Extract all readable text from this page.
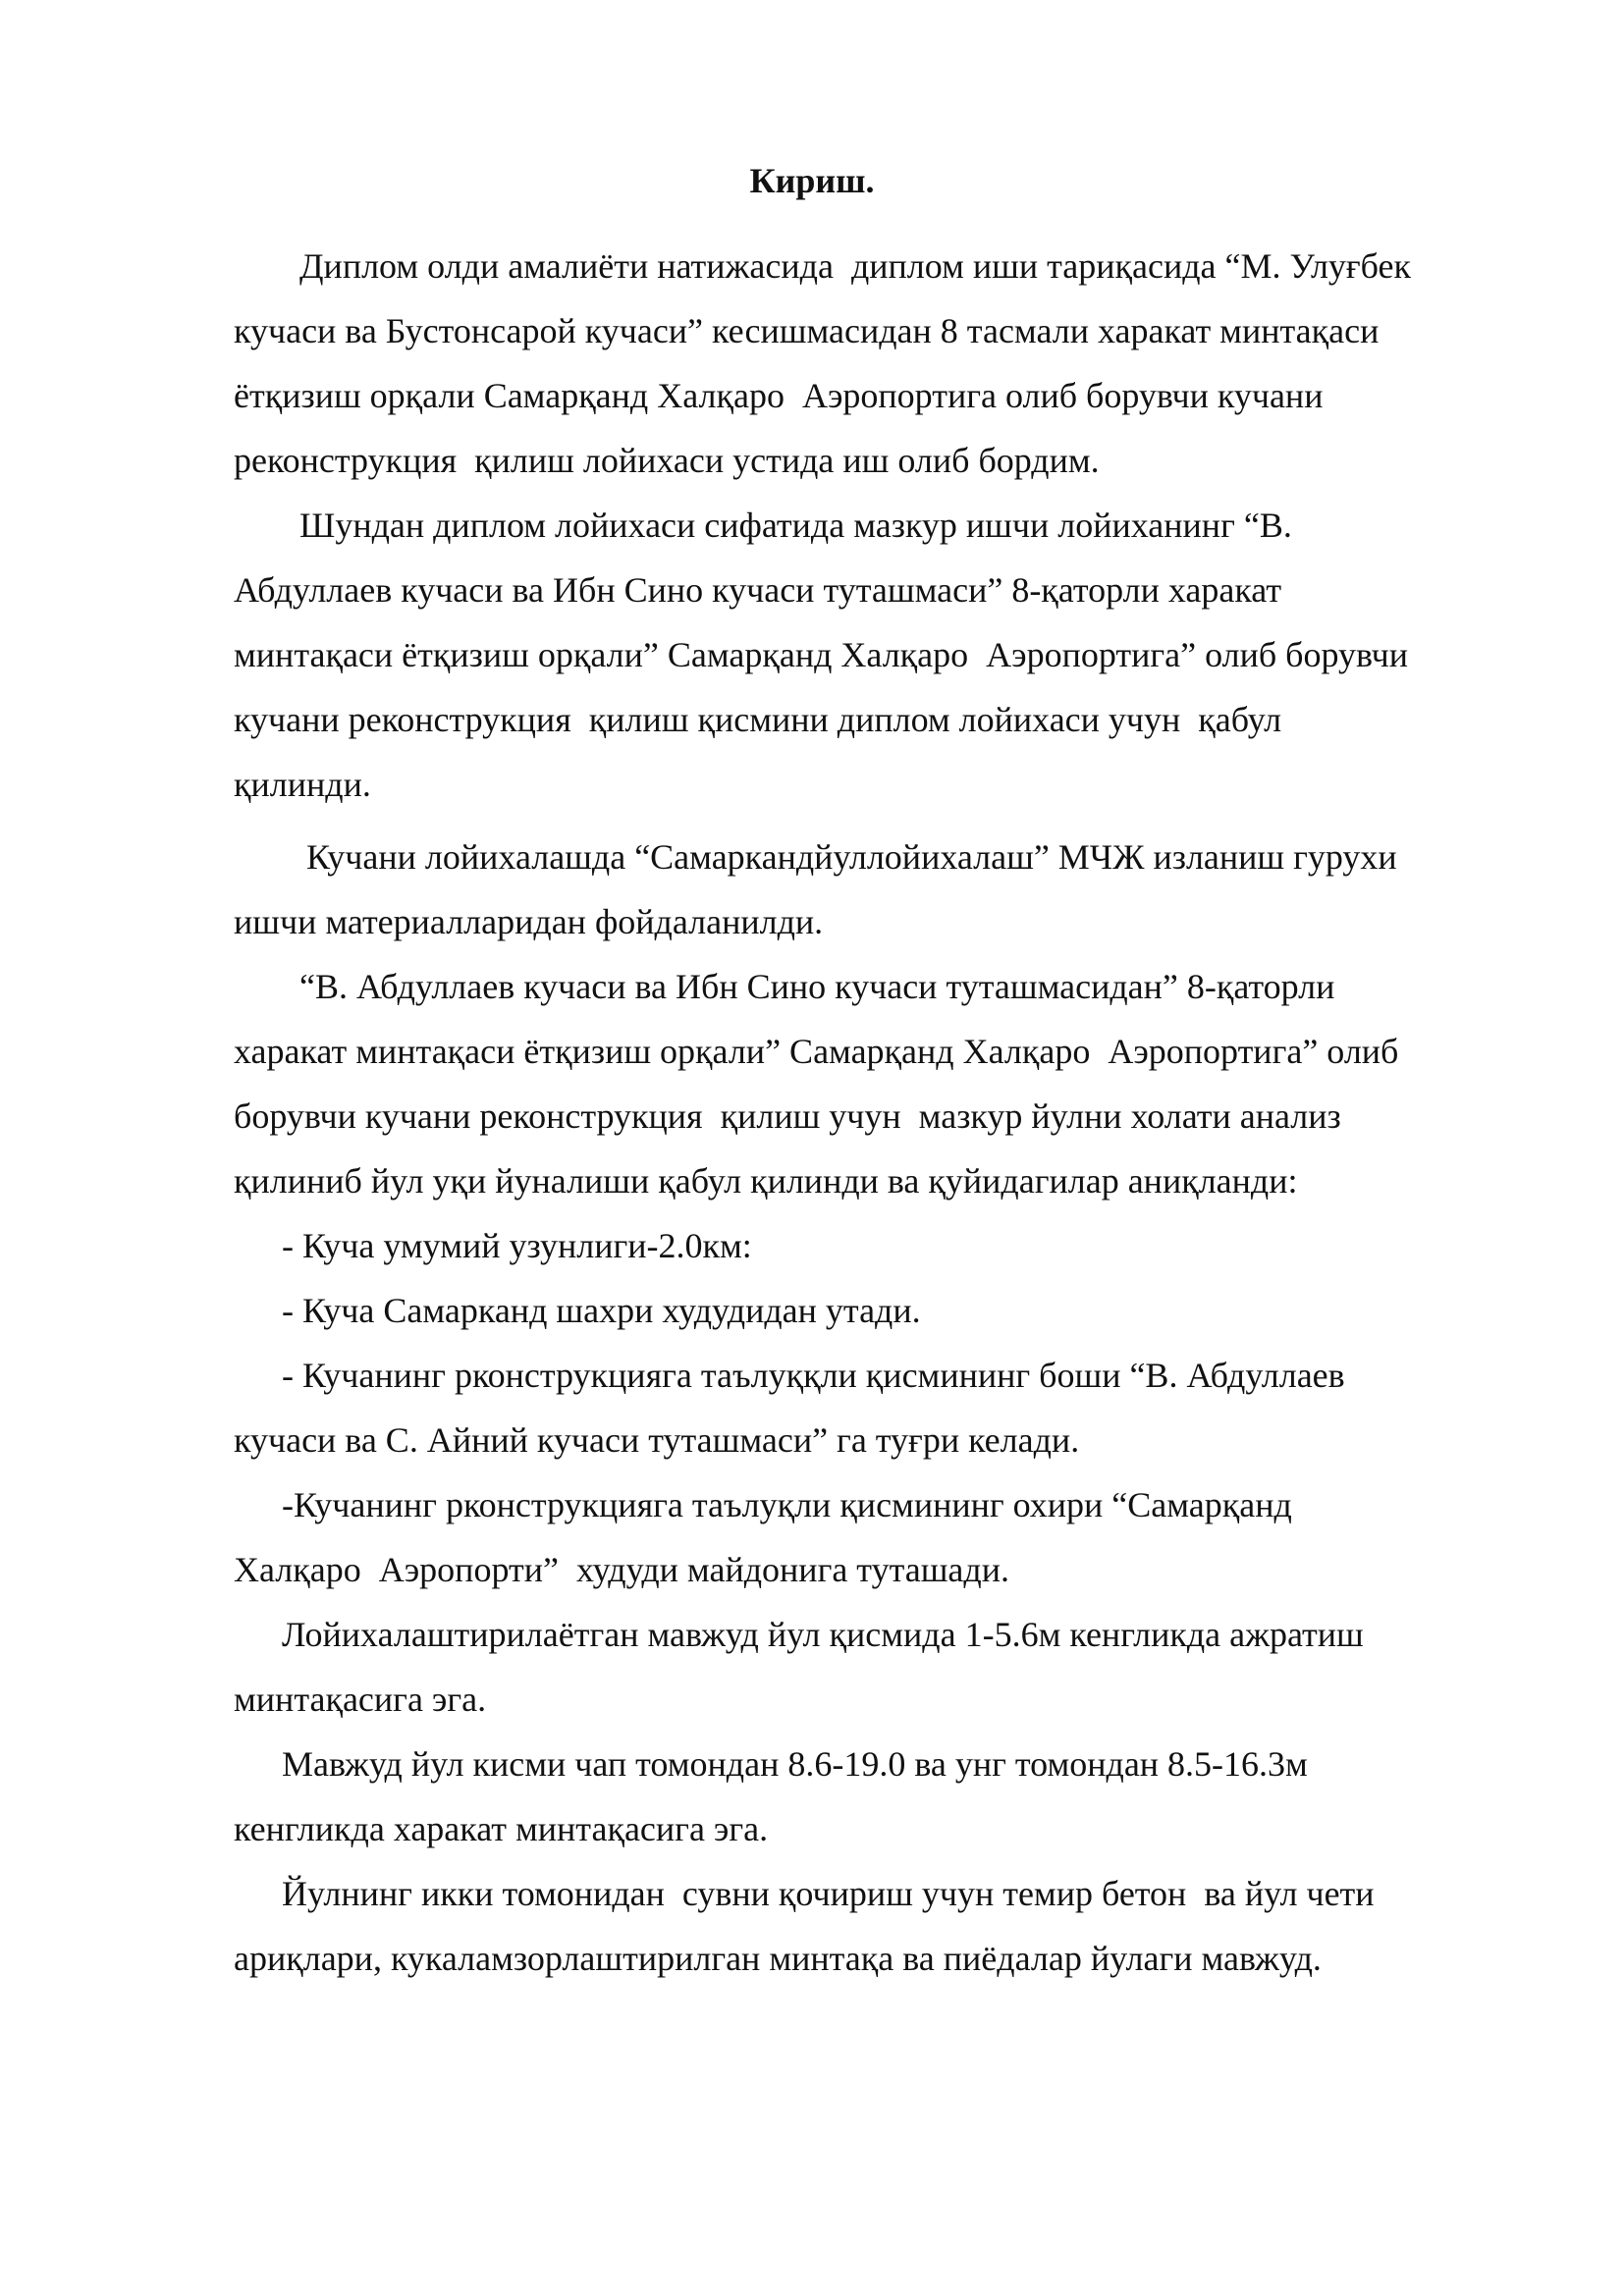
Кириш.

Диплом олди амалиёти натижасида  диплом иши тариқасида “М. Улуғбек

кучаси ва Бустонсарой кучаси” кесишмасидан 8 тасмали харакат минтақаси

ётқизиш орқали Самарқанд Халқаро  Аэропортига олиб борувчи кучани

реконструкция  қилиш лойихаси устида иш олиб бордим.

Шундан диплом лойихаси сифатида мазкур ишчи лойиханинг “В.

Абдуллаев кучаси ва Ибн Сино кучаси туташмаси” 8-қаторли харакат

минтақаси ётқизиш орқали” Самарқанд Халқаро  Аэропортига” олиб борувчи

кучани реконструкция  қилиш қисмини диплом лойихаси учун  қабул

қилинди.

Кучани лойихалашда “Самаркандйуллойихалаш” МЧЖ изланиш гурухи

ишчи материалларидан фойдаланилди.

“В. Абдуллаев кучаси ва Ибн Сино кучаси туташмасидан” 8-қаторли

харакат минтақаси ётқизиш орқали” Самарқанд Халқаро  Аэропортига” олиб

борувчи кучани реконструкция  қилиш учун  мазкур йулни холати анализ

қилиниб йул уқи йуналиши қабул қилинди ва қуйидагилар аниқланди:

- Куча умумий узунлиги-2.0км:

- Куча Самарканд шахри худудидан утади.

- Кучанинг рконструкцияга таълуққли қисмининг боши “В. Абдуллаев

кучаси ва С. Айний кучаси туташмаси” га туғри келади.

-Кучанинг рконструкцияга таълуқли қисмининг охири “Самарқанд

Халқаро  Аэропорти”  худуди майдонига туташади.

Лойихалаштирилаётган мавжуд йул қисмида 1-5.6м кенгликда ажратиш

минтақасига эга.

Мавжуд йул кисми чап томондан 8.6-19.0 ва унг томондан 8.5-16.3м

кенгликда харакат минтақасига эга.

Йулнинг икки томонидан  сувни қочириш учун темир бетон  ва йул чети

ариқлари, кукаламзорлаштирилган минтақа ва пиёдалар йулаги мавжуд.
